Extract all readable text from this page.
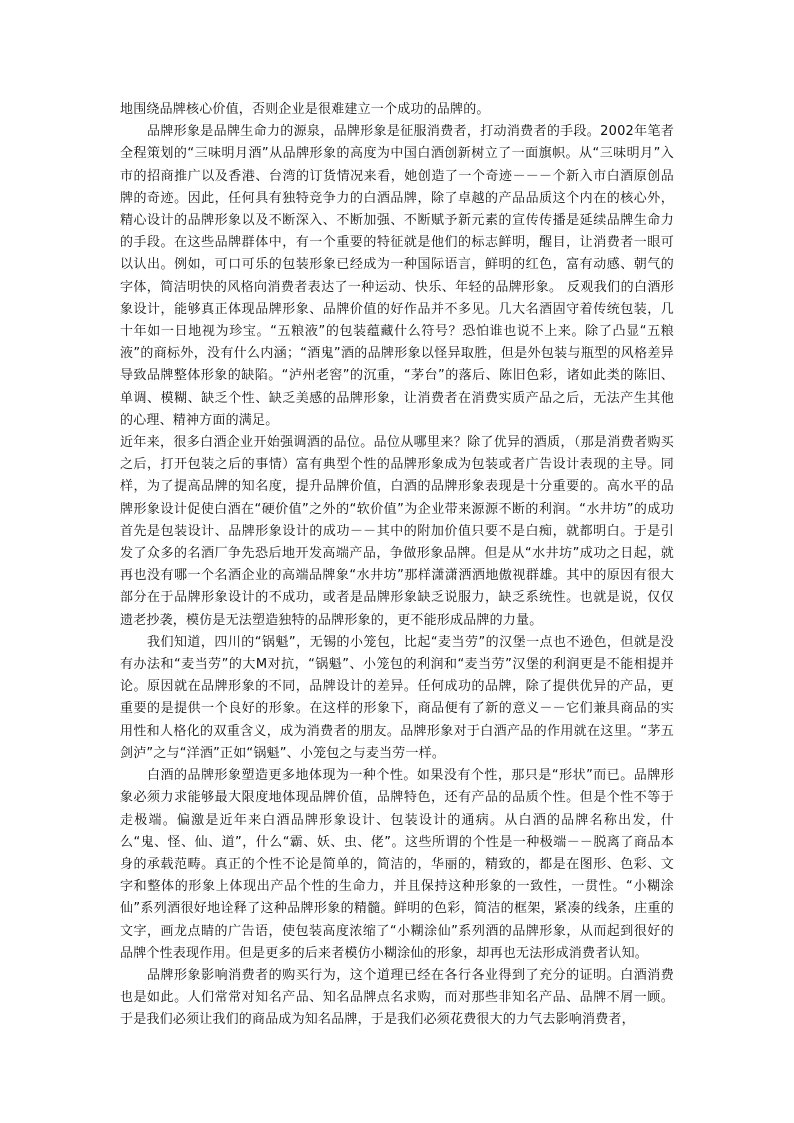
地围绕品牌核心价值，否则企业是很难建立一个成功的品牌的。

品牌形象是品牌生命力的源泉，品牌形象是征服消费者，打动消费者的手段。2002年笔者全程策划的“三味明月酒”从品牌形象的高度为中国白酒创新树立了一面旗帜。从“三味明月”入市的招商推广以及香港、台湾的订货情况来看，她创造了一个奇迹－－－个新入市白酒原创品牌的奇迹。因此，任何具有独特竞争力的白酒品牌，除了卓越的产品品质这个内在的核心外，精心设计的品牌形象以及不断深入、不断加强、不断赋予新元素的宣传传播是延续品牌生命力的手段。在这些品牌群体中，有一个重要的特征就是他们的标志鲜明，醒目，让消费者一眼可以认出。例如，可口可乐的包装形象已经成为一种国际语言，鲜明的红色，富有动感、朝气的字体，简洁明快的风格向消费者表达了一种运动、快乐、年轻的品牌形象。 反观我们的白酒形象设计，能够真正体现品牌形象、品牌价值的好作品并不多见。几大名酒固守着传统包装，几十年如一日地视为珍宝。“五粮液”的包装蕴藏什么符号？恐怕谁也说不上来。除了凸显“五粮液”的商标外，没有什么内涵；“酒鬼”酒的品牌形象以怪异取胜，但是外包装与瓶型的风格差异导致品牌整体形象的缺陷。“泸州老窖”的沉重，“茅台”的落后、陈旧色彩，诸如此类的陈旧、单调、模糊、缺乏个性、缺乏美感的品牌形象，让消费者在消费实质产品之后，无法产生其他的心理、精神方面的满足。

近年来，很多白酒企业开始强调酒的品位。品位从哪里来？除了优异的酒质，（那是消费者购买之后，打开包装之后的事情）富有典型个性的品牌形象成为包装或者广告设计表现的主导。同样，为了提高品牌的知名度，提升品牌价值，白酒的品牌形象表现是十分重要的。高水平的品牌形象设计促使白酒在“硬价值”之外的“软价值”为企业带来源源不断的利润。“水井坊”的成功首先是包装设计、品牌形象设计的成功－－其中的附加价值只要不是白痴，就都明白。于是引发了众多的名酒厂争先恐后地开发高端产品，争做形象品牌。但是从“水井坊”成功之日起，就再也没有哪一个名酒企业的高端品牌象“水井坊”那样潇潇洒洒地傲视群雄。其中的原因有很大部分在于品牌形象设计的不成功，或者是品牌形象缺乏说服力，缺乏系统性。也就是说，仅仅遗老抄袭，模仿是无法塑造独特的品牌形象的，更不能形成品牌的力量。

我们知道，四川的“锅魁”，无锡的小笼包，比起“麦当劳”的汉堡一点也不逊色，但就是没有办法和“麦当劳”的大M对抗，“锅魁”、小笼包的利润和“麦当劳”汉堡的利润更是不能相提并论。原因就在品牌形象的不同，品牌设计的差异。任何成功的品牌，除了提供优异的产品，更重要的是提供一个良好的形象。在这样的形象下，商品便有了新的意义－－它们兼具商品的实用性和人格化的双重含义，成为消费者的朋友。品牌形象对于白酒产品的作用就在这里。“茅五剑泸”之与“洋酒”正如“锅魁”、小笼包之与麦当劳一样。

白酒的品牌形象塑造更多地体现为一种个性。如果没有个性，那只是“形状”而已。品牌形象必须力求能够最大限度地体现品牌价值，品牌特色，还有产品的品质个性。但是个性不等于走极端。偏激是近年来白酒品牌形象设计、包装设计的通病。从白酒的品牌名称出发，什么“鬼、怪、仙、道”，什么“霸、妖、虫、佬”。这些所谓的个性是一种极端－－脱离了商品本身的承载范畴。真正的个性不论是简单的，简洁的，华丽的，精致的，都是在图形、色彩、文字和整体的形象上体现出产品个性的生命力，并且保持这种形象的一致性，一贯性。“小糊涂仙”系列酒很好地诠释了这种品牌形象的精髓。鲜明的色彩，简洁的框架，紧凑的线条，庄重的文字，画龙点睛的广告语，使包装高度浓缩了“小糊涂仙”系列酒的品牌形象，从而起到很好的品牌个性表现作用。但是更多的后来者模仿小糊涂仙的形象，却再也无法形成消费者认知。

品牌形象影响消费者的购买行为，这个道理已经在各行各业得到了充分的证明。白酒消费也是如此。人们常常对知名产品、知名品牌点名求购，而对那些非知名产品、品牌不屑一顾。于是我们必须让我们的商品成为知名品牌，于是我们必须花费很大的力气去影响消费者，
